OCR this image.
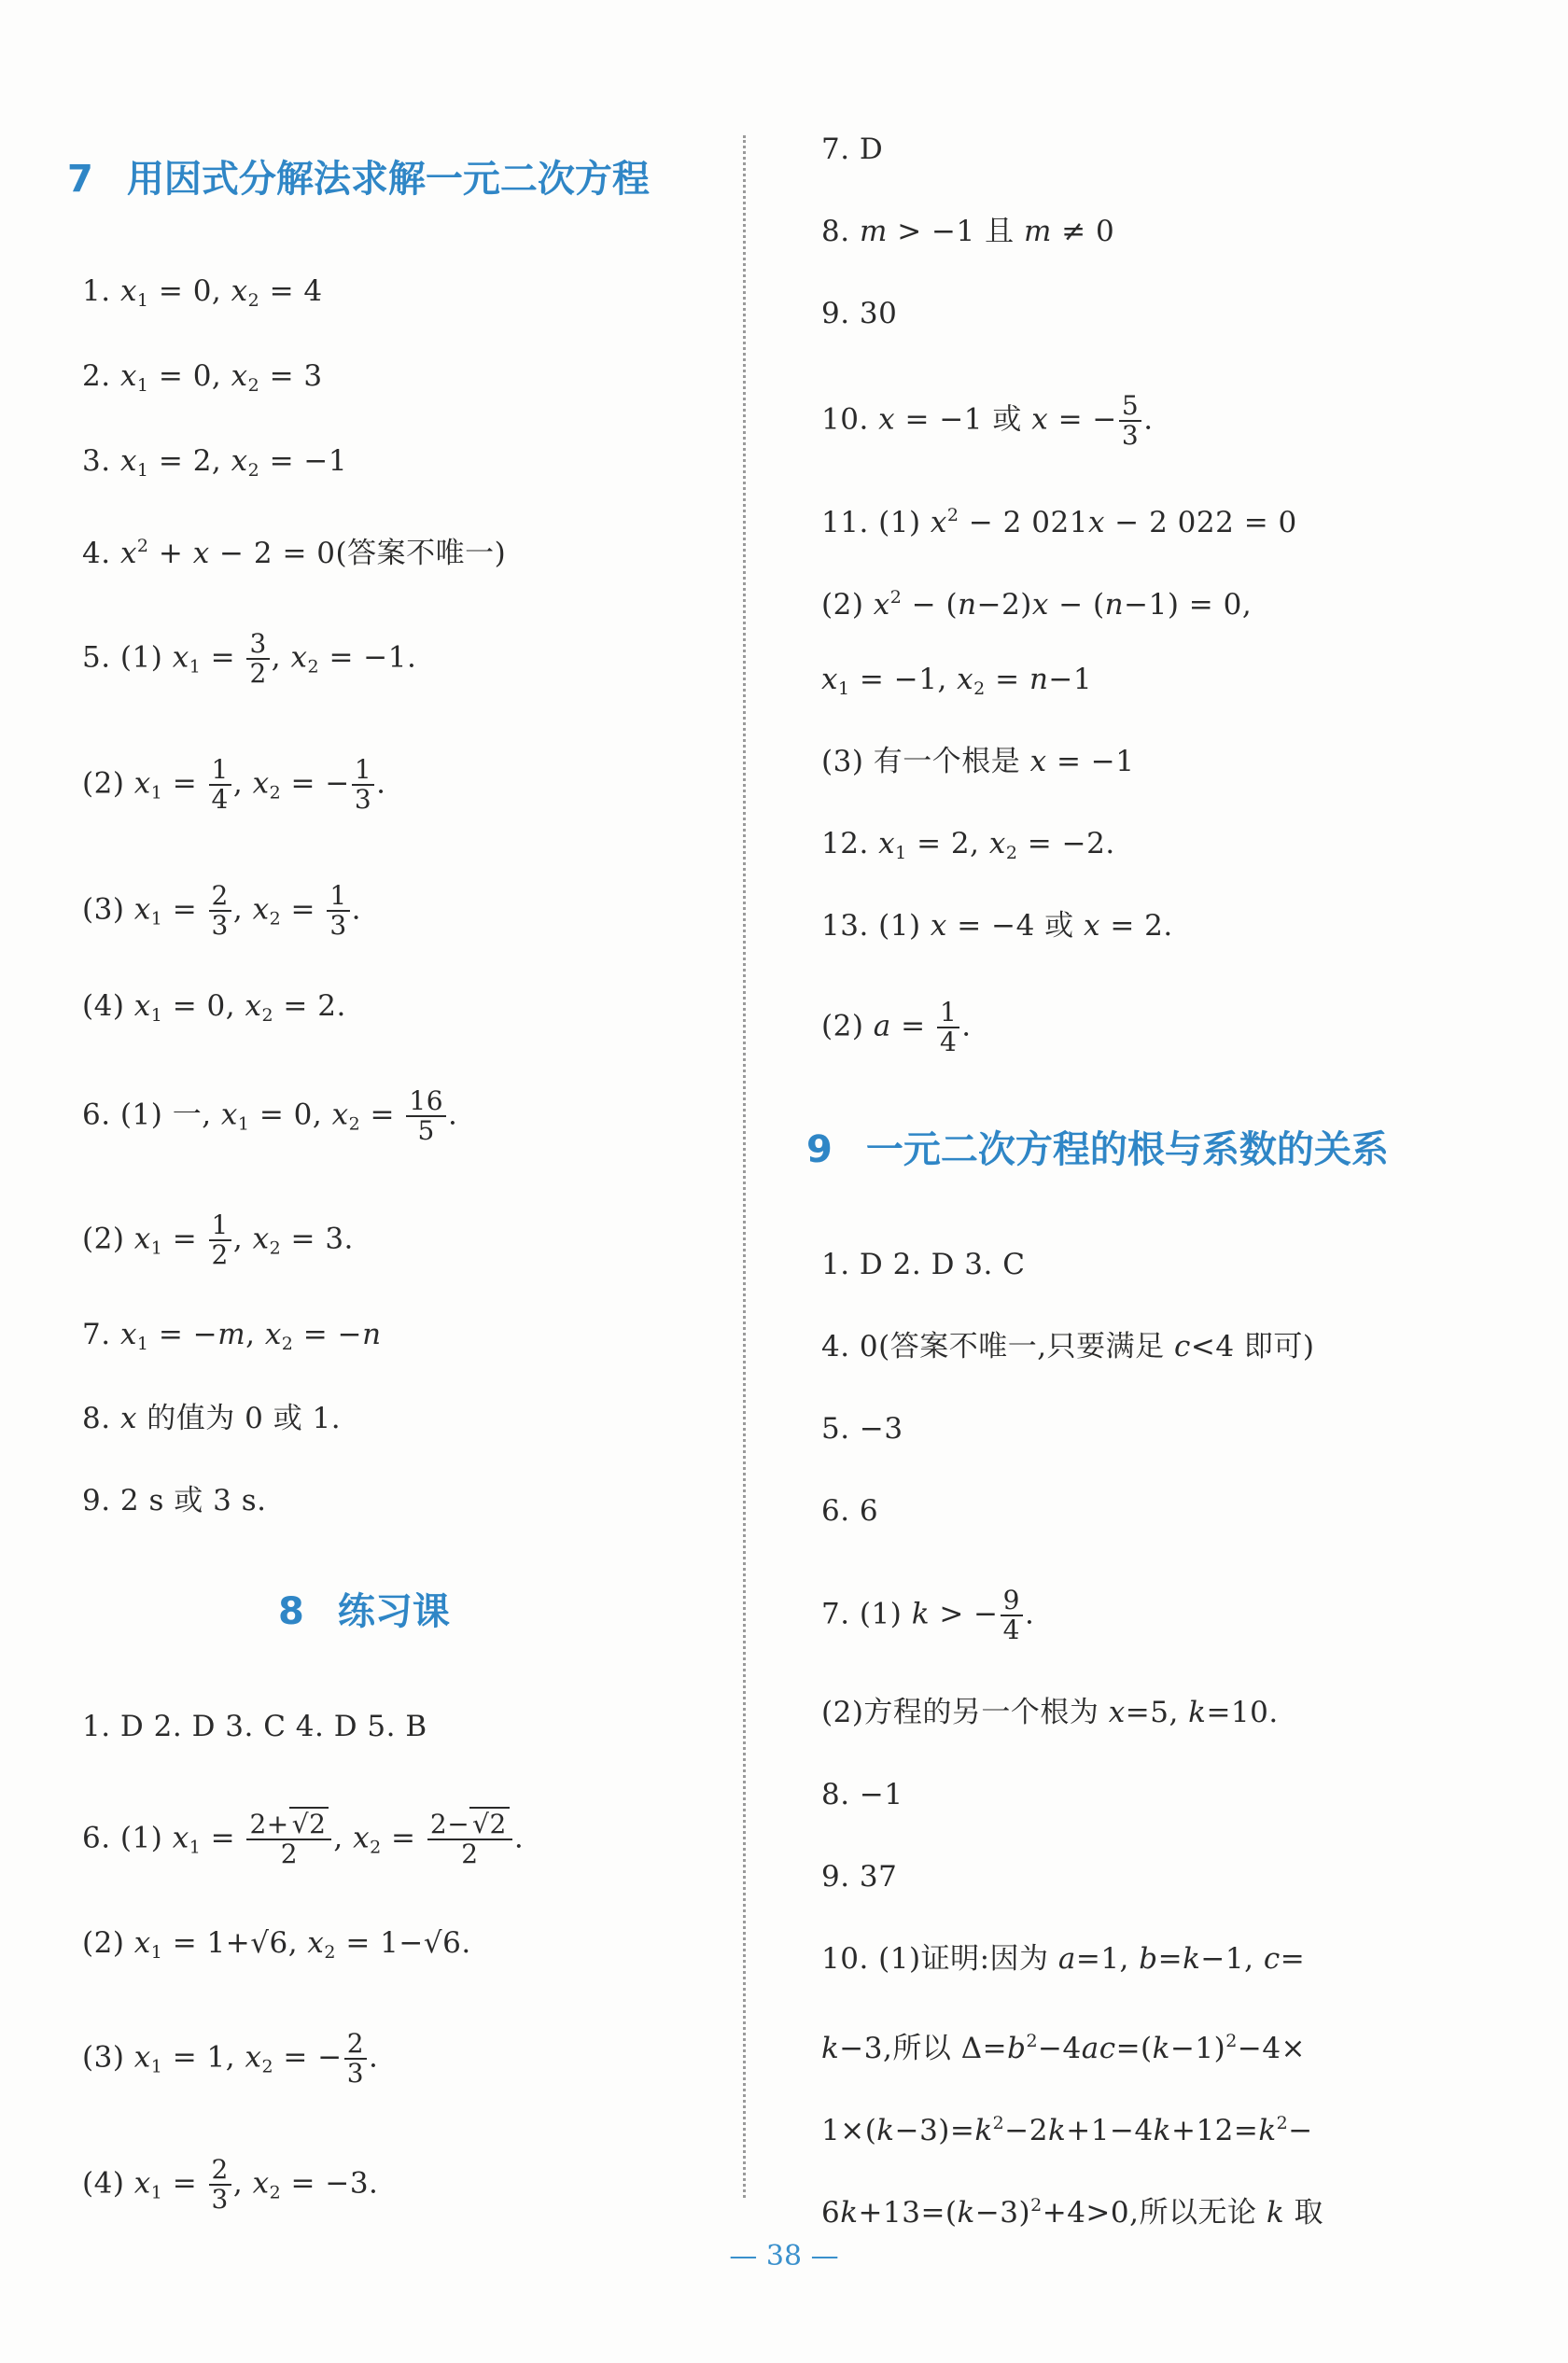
7 用因式分解法求解一元二次方程
1. $x_1 = 0$, $x_2 = 4$
2. $x_1 = 0$, $x_2 = 3$
3. $x_1 = 2$, $x_2 = -1$
4. $x^2 + x - 2 = 0$(答案不唯一)
5. (1) $x_1 = \frac{3}{2}$ , $x_2 = -1$.
(2) $x_1 = \frac{1}{4}$ , $x_2$ = − $\frac{1}{3}$ .
(3) $x_1 = \frac{2}{3}$ , $x_2 = \frac{1}{3}$ .
(4) $x_1 = 0$, $x_2 = 2$.
6. (1) 一, $x_1 = 0$, $x_2 = \frac{16}{5}$ .
(2) $x_1 = \frac{1}{2}$ , $x_2 = 3$.
7. $x_1 = -m$, $x_2 = -n$
8. x 的值为 0 或 1.
9. 2 s 或 3 s.
8 练习课
1. D 2. D 3. C 4. D 5. B
6. (1) $x_1 = \frac{2+ √2}{2}$ , $x_2 = \frac{2- √2}{2}$ .
(2) $x_1 = 1+√6$, $x_2 = 1-√6$.
(3) $x_1 = 1$, $x_2$ = − $\frac{2}{3}$ .
(4) $x_1 = \frac{2}{3}$ , $x_2 = -3$.
7. D
8. m > −1 且 m ≠ 0
9. 30
10. x = −1 或 x = − $\frac{5}{3}$ .
11. (1) $x^2 - 2$ 021x − 2 022 = 0
(2) $x^2 - (n-2)x - (n-1) = 0$,
$x_1 = -1$, $x_2 = n-1$
(3) 有一个根是 x = −1
12. $x_1 = 2$, $x_2 = -2$.
13. (1) x = −4 或 x = 2.
(2) $a = \frac{1}{4}$ .
9 一元二次方程的根与系数的关系
1. D 2. D 3. C
4. 0(答案不唯一,只要满足 c<4 即可)
5. −3
6. 6
7. (1) k > − $\frac{9}{4}$ .
(2)方程的另一个根为 x=5, k=10.
8. −1
9. 37
10. (1)证明:因为 a=1, b=k−1, c=
k−3,所以 $\Delta=b^2-4ac=(k-1)^2-4\times$
$1\times(k-3)=k^2-2k+1-4k+12=k^2-$
$6k+13=(k-3)^2+4>0$,所以无论 k 取
— 38 —
